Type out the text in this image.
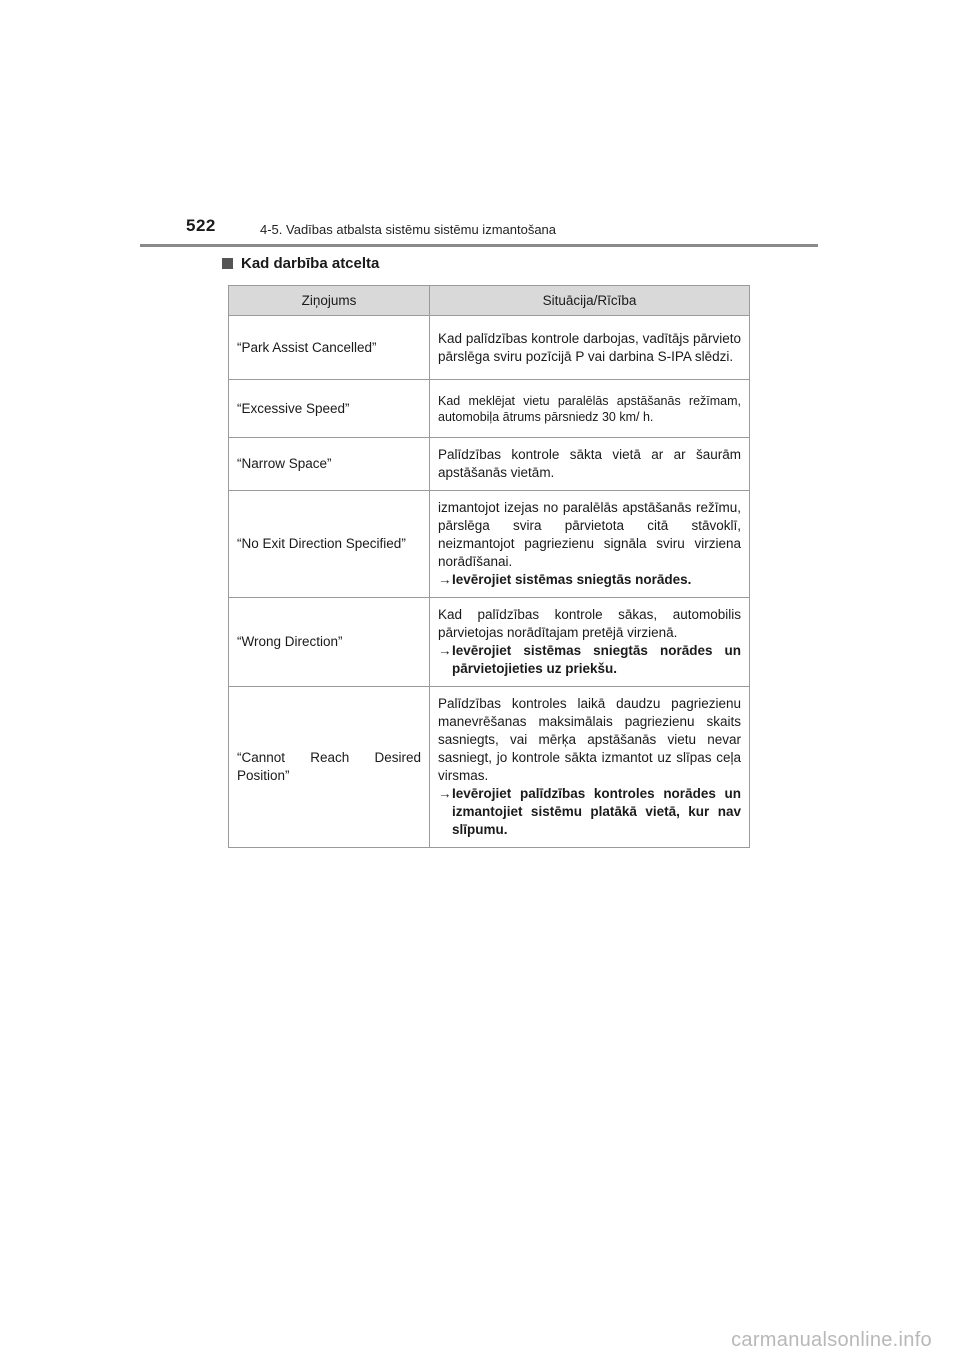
522	4-5. Vadības atbalsta sistēmu sistēmu izmantošana
Kad darbība atcelta
Ziņojums	Situācija/Rīcība
“Park Assist Cancelled”	Kad palīdzības kontrole darbojas, vadītājs pārvieto pārslēga sviru pozīcijā P vai darbina S-IPA slēdzi.

“Excessive Speed”	Kad meklējat vietu paralēlās apstāšanās režīmam, automobiļa ātrums pārsniedz 30 km/ h.

“Narrow Space”	Palīdzības kontrole sākta vietā ar ar šaurām apstāšanās vietām.

“No Exit Direction Specified”	izmantojot izejas no paralēlās apstāšanās režīmu, pārslēga svira pārvietota citā stāvoklī, neizmantojot pagriezienu signāla sviru virziena norādīšanai.
→ Ievērojiet sistēmas sniegtās norādes.

“Wrong Direction”	Kad palīdzības kontrole sākas, automobilis pārvietojas norādītajam pretējā virzienā.
→ Ievērojiet sistēmas sniegtās norādes un pārvietojieties uz priekšu.

“Cannot Reach Desired Position”	Palīdzības kontroles laikā daudzu pagriezienu manevrēšanas maksimālais pagriezienu skaits sasniegts, vai mērķa apstāšanās vietu nevar sasniegt, jo kontrole sākta izmantot uz slīpas ceļa virsmas.
→ Ievērojiet palīdzības kontroles norādes un izmantojiet sistēmu platākā vietā, kur nav slīpumu.
carmanualsonline.info
